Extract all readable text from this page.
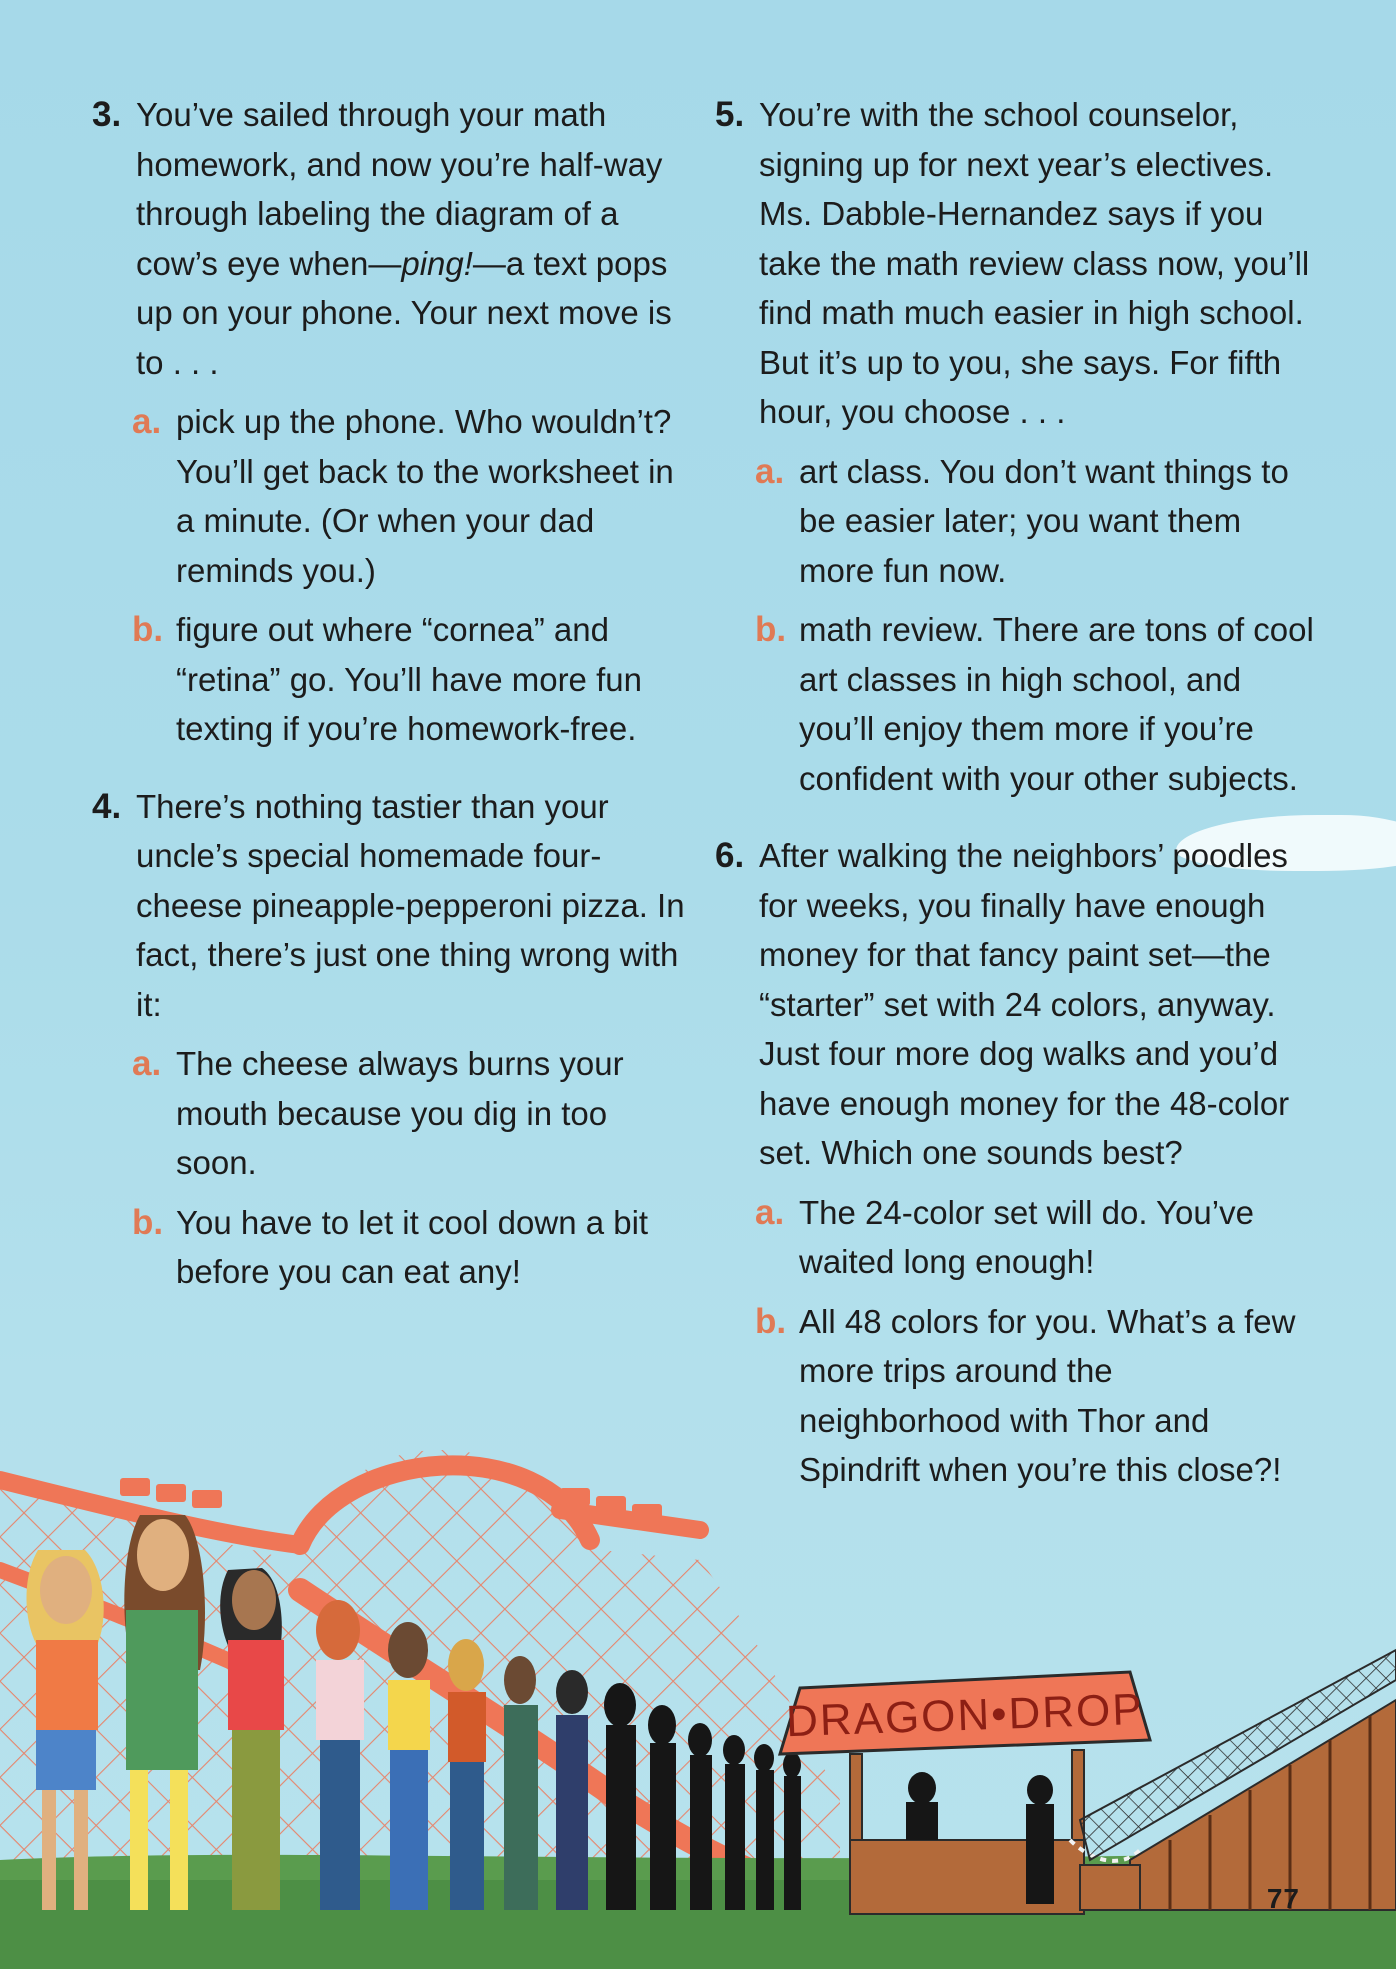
3. You’ve sailed through your math homework, and now you’re half-way through labeling the diagram of a cow’s eye when—ping!—a text pops up on your phone. Your next move is to . . .

a. pick up the phone. Who wouldn’t? You’ll get back to the worksheet in a minute. (Or when your dad reminds you.)
b. figure out where “cornea” and “retina” go. You’ll have more fun texting if you’re homework-free.

4. There’s nothing tastier than your uncle’s special homemade four-cheese pineapple-pepperoni pizza. In fact, there’s just one thing wrong with it:

a. The cheese always burns your mouth because you dig in too soon.
b. You have to let it cool down a bit before you can eat any!

5. You’re with the school counselor, signing up for next year’s electives. Ms. Dabble-Hernandez says if you take the math review class now, you’ll find math much easier in high school. But it’s up to you, she says. For fifth hour, you choose . . .

a. art class. You don’t want things to be easier later; you want them more fun now.
b. math review. There are tons of cool art classes in high school, and you’ll enjoy them more if you’re confident with your other subjects.

6. After walking the neighbors’ poodles for weeks, you finally have enough money for that fancy paint set—the “starter” set with 24 colors, anyway. Just four more dog walks and you’d have enough money for the 48-color set. Which one sounds best?

a. The 24-color set will do. You’ve waited long enough!
b. All 48 colors for you. What’s a few more trips around the neighborhood with Thor and Spindrift when you’re this close?!
DRAGON•DROP
77
